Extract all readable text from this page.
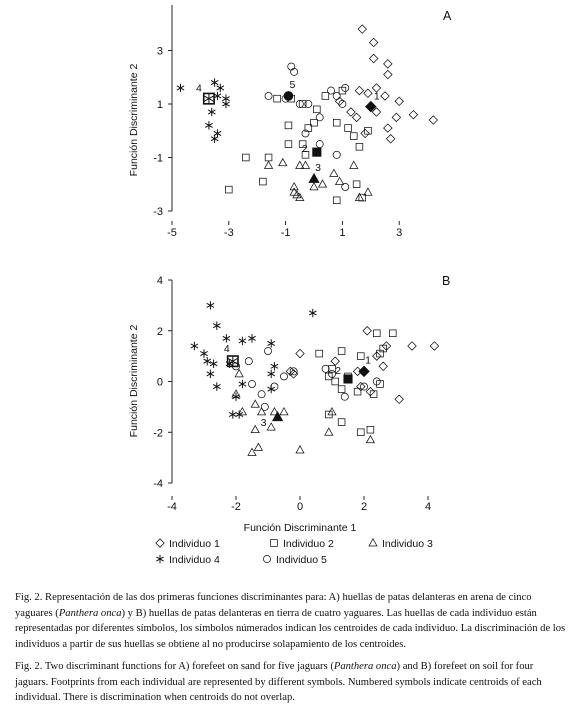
A
Función Discriminante 2
3
1
-1
-3
-5	-3	-1	1	3
1
2
3
4	5
B
Función Discriminante 2
Función Discriminante 1
4
2
0
-2
-4
-4	-2	0	2	4
1
2
3
4
Individuo 1	Individuo 2	Individuo 3
Individuo 4	Individuo 5
Fig. 2. Representación de las dos primeras funciones discriminantes para: A) huellas de patas delanteras en arena de cinco yaguares (Panthera onca) y B) huellas de patas delanteras en tierra de cuatro yaguares. Las huellas de cada individuo están representadas por diferentes símbolos, los símbolos númerados indican los centroides de cada individuo. La discriminación de los individuos a partir de sus huellas se obtiene al no producirse solapamiento de los centroides.
Fig. 2. Two discriminant functions for A) forefeet on sand for five jaguars (Panthera onca) and B) forefeet on soil for four jaguars. Footprints from each individual are represented by different symbols. Numbered symbols indicate centroids of each individual. There is discrimination when centroids do not overlap.
